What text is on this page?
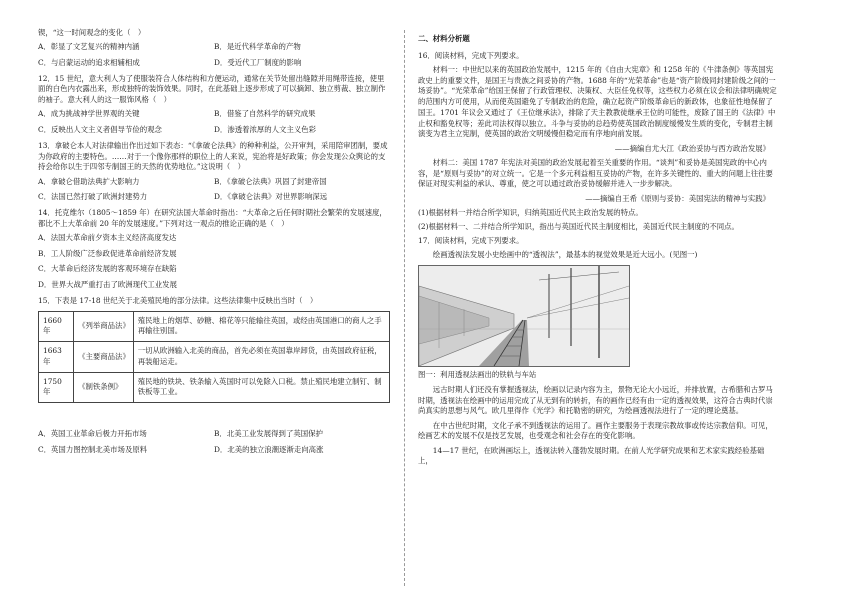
锲，“这一时间观念的变化（　）

A．彰显了文艺复兴的精神内涵	B．是近代科学革命的产物
C．与启蒙运动的追求相辅相成	D．受近代工厂制度的影响

12．15 世纪，意大利人为了使服装符合人体结构和方便运动，通常在关节处留出缝隙并用绳带连接，使里面的白色内衣露出来，形成独特的装饰效果。同时，在此基础上逐步形成了可以摘卸、独立剪裁、独立制作的袖子。意大利人的这一服饰风格（　）

A．成为挑战神学世界观的关键	B．借鉴了自然科学的研究成果
C．反映出人文主义者倡导节俭的观念	D．渗透着浓厚的人文主义色彩

13．拿破仑本人对法律输出作出过如下表态：“《拿破仑法典》的种种利益，公开审判，采用陪审团制，要成为你政府的主要特色。……对于一个像你那样的职位上的人来说，宪治将是好政策；你会发现公众舆论的支持会给你以生于四邻专制国王的天然的优势地位。”这说明（　）

A．拿破仑借助法典扩大影响力	B．《拿破仑法典》巩固了封建帝国
C．法国已然打破了欧洲封建势力	D．《拿破仑法典》对世界影响深远

14．托克维尔（1805～1859 年）在研究法国大革命时指出：“大革命之后任何时期社会繁荣的发展速度，都比不上大革命前 20 年的发展速度。”下列对这一观点的推论正确的是（　）

A．法国大革命前夕资本主义经济高度发达

B．工人阶级广泛参政促进革命前经济发展

C．大革命后经济发展的客观环境存在缺陷

D．世界大战严重打击了欧洲现代工业发展

15．下表是 17-18 世纪关于北美殖民地的部分法律。这些法律集中反映出当时（　）

1660 年	《列举商品法》	殖民地上的烟草、砂糖、棉花等只能输往英国，或经由英国港口的商人之手再输往别国。
1663 年	《主要商品法》	一切从欧洲输入北美的商品，首先必须在英国靠岸卸货，由英国政府征税，再装船运走。
1750 年	《制铁条例》	殖民地的铁块、铁条输入英国时可以免除入口税。禁止殖民地建立制钉、制铁板等工业。
A．英国工业革命后极力开拓市场	B．北美工业发展得到了英国保护
C．英国力图控制北美市场及原料	D．北美的独立浪潮逐渐走向高涨

二、材料分析题

16．阅读材料，完成下列要求。

材料一：中世纪以来的英国政治发展中，1215 年的《自由大宪章》和 1258 年的《牛津条例》等英国宪政史上的重要文件，是国王与贵族之间妥协的产物。1688 年的“光荣革命”也是“资产阶级同封建阶级之间的一场妥协”。“光荣革命”给国王保留了行政管理权、决策权、大臣任免权等，这些权力必须在议会和法律明确规定的范围内方可使用，从而使英国避免了专制政治的危险，确立起资产阶级革命后的新政体，也象征性地保留了国王。1701 年议会又通过了《王位继承法》，排除了天主教教徒继承王位的可能性，废除了国王的《法律》中止权和豁免权等；差此司法权得以独立。斗争与妥协的总趋势使英国政治制度缓慢发生质的变化，专制君主制演变为君主立宪制，使英国的政治文明缓慢但稳定而有序地向前发展。

——摘编自尤大江《政治妥协与西方政治发展》

材料二：美国 1787 年宪法对美国的政治发展起着至关重要的作用。“谈判”和妥协是美国宪政的中心内容，是“原则与妥协”的对立统一。它是一个多元利益相互妥协的产物，在许多关键性的、重大的问题上往往要保证对现实利益的承认、尊重，使之可以通过政治妥协缓解并进入一步步解决。

——摘编自王希《原则与妥协：美国宪法的精神与实践》

(1)根据材料一并结合所学知识，归纳英国近代民主政治发展的特点。

(2)根据材料一、二并结合所学知识，指出与英国近代民主制度相比，美国近代民主制度的不同点。

17．阅读材料，完成下列要求。

绘画透视法发展小史绘画中的“透视法”，最基本的视觉效果是近大远小。(见图一)

图一：利用透视法画出的铁轨与车站

远古时期人们还没有掌握透视法，绘画以记录内容为主，景物无论大小远近，并排放置，古希腊和古罗马时期，透视法在绘画中的运用完成了从无到有的转折，有的画作已经有由一定的透视效果，这符合古典时代崇尚真实的思想与风气。欧几里得作《光学》和托勒密的研究，为绘画透视法进行了一定的理论奠基。

在中古世纪时期，文化子承不到透视法的运用了。画作主要服务于表现宗教故事或传达宗教信仰。可见，绘画艺术的发展不仅是技艺发展，也受观念和社会存在的变化影响。

14—17 世纪，在欧洲画坛上，透视法转入蓬勃发展时期。在前人光学研究成果和艺术家实践经验基础上，
